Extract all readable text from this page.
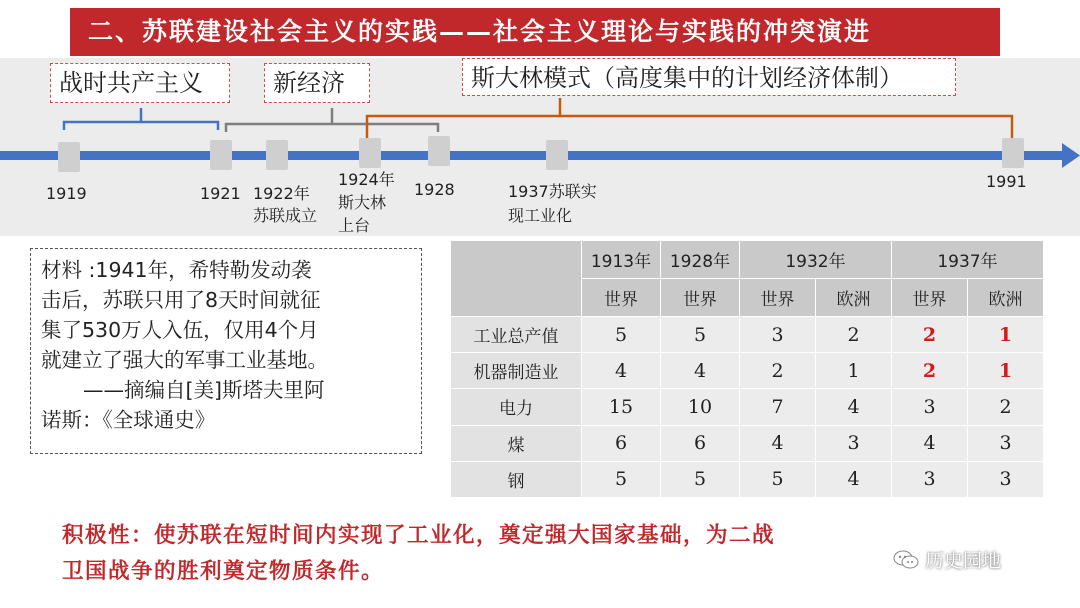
二、苏联建设社会主义的实践——社会主义理论与实践的冲突演进
战时共产主义	新经济	斯大林模式（高度集中的计划经济体制）
1919	1921 1922年
苏联成立
1924年
斯大林
上台
1928	1937苏联实
现工业化
1991

材料 :1941年，希特勒发动袭

击后，苏联只用了8天时间就征

集了530万人入伍，仅用4个月

就建立了强大的军事工业基地。

——摘编自[美]斯塔夫里阿

诺斯：《全球通史》

	1913年	1928年	1932年		1937年	
	世界	世界	世界	欧洲	世界	欧洲
工业总产值	5	5	3	2	2	1
机器制造业	4	4	2	1	2	1
电力	15	10	7	4	3	2
煤	6	6	4	3	4	3
钢	5	5	5	4	3	3

积极性：使苏联在短时间内实现了工业化，奠定强大国家基础，为二战

卫国战争的胜利奠定物质条件。	历史园地
